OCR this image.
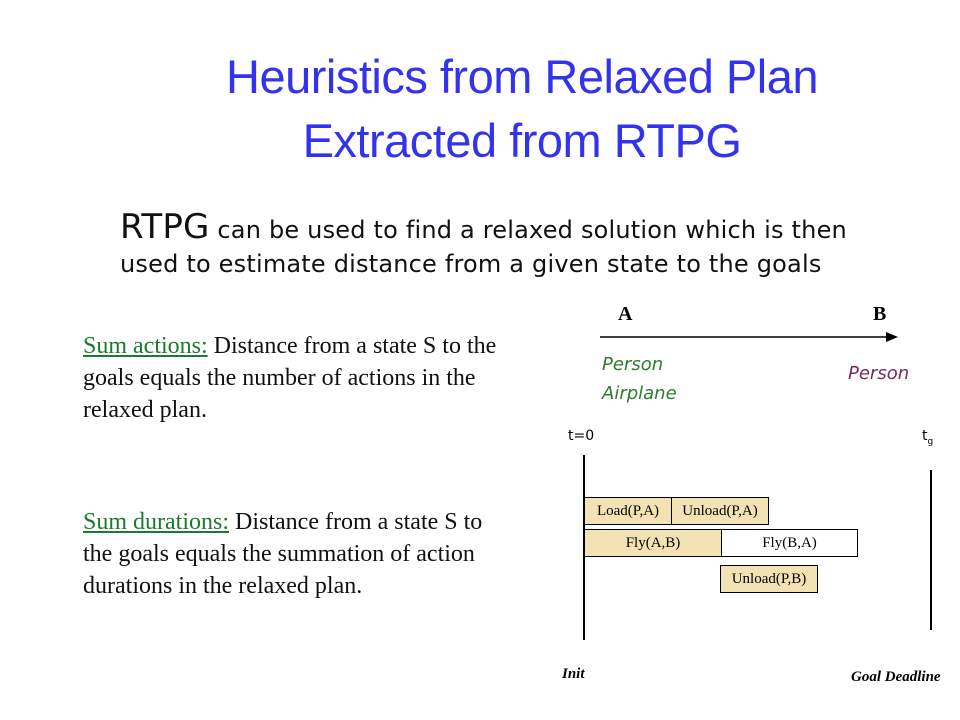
Heuristics from Relaxed Plan
Extracted from RTPG
RTPG can be used to find a relaxed solution which is then
used to estimate distance from a given state to the goals
Sum actions: Distance from a state S to the goals equals the number of actions in the relaxed plan.
Sum durations: Distance from a state S to the goals equals the summation of action durations in the relaxed plan.
A	B
Person
Airplane
Person
t=0	$t_g$
Load(P,A)	Unload(P,A)
Fly(A,B)	Fly(B,A)
Unload(P,B)
Init	Goal Deadline
